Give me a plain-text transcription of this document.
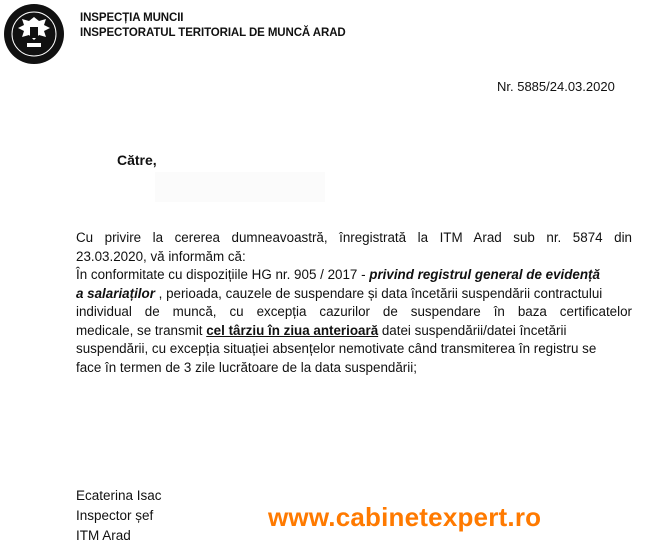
INSPECȚIA MUNCII
INSPECTORATUL TERITORIAL DE MUNCĂ ARAD
Nr. 5885/24.03.2020
Către,
Cu privire la cererea dumneavoastră, înregistrată la ITM Arad sub nr. 5874 din
23.03.2020, vă informăm că:
În conformitate cu dispozițiile HG nr. 905 / 2017 - privind registrul general de evidență
a salariaților , perioada, cauzele de suspendare și data încetării suspendării contractului
individual de muncă, cu excepția cazurilor de suspendare în baza certificatelor
medicale, se transmit cel târziu în ziua anterioară datei suspendării/datei încetării
suspendării, cu excepția situației absențelor nemotivate când transmiterea în registru se
face în termen de 3 zile lucrătoare de la data suspendării;
Ecaterina Isac
Inspector șef
ITM Arad
www.cabinetexpert.ro
